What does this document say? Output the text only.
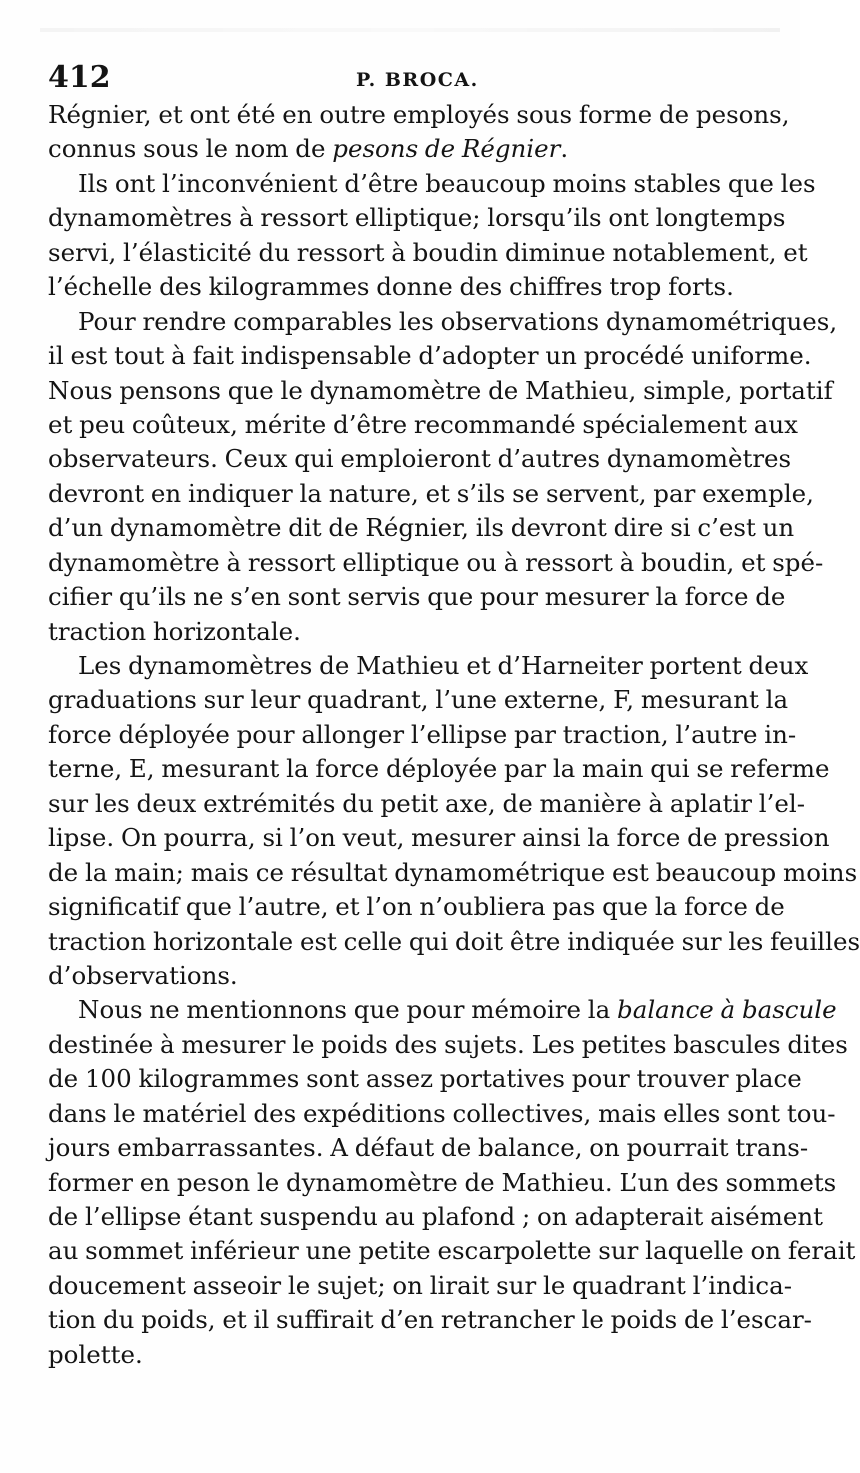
412	P. BROCA.
Régnier, et ont été en outre employés sous forme de pesons,
connus sous le nom de pesons de Régnier.
Ils ont l’inconvénient d’être beaucoup moins stables que les
dynamomètres à ressort elliptique; lorsqu’ils ont longtemps
servi, l’élasticité du ressort à boudin diminue notablement, et
l’échelle des kilogrammes donne des chiffres trop forts.
Pour rendre comparables les observations dynamométriques,
il est tout à fait indispensable d’adopter un procédé uniforme.
Nous pensons que le dynamomètre de Mathieu, simple, portatif
et peu coûteux, mérite d’être recommandé spécialement aux
observateurs. Ceux qui emploieront d’autres dynamomètres
devront en indiquer la nature, et s’ils se servent, par exemple,
d’un dynamomètre dit de Régnier, ils devront dire si c’est un
dynamomètre à ressort elliptique ou à ressort à boudin, et spé-
cifier qu’ils ne s’en sont servis que pour mesurer la force de
traction horizontale.
Les dynamomètres de Mathieu et d’Harneiter portent deux
graduations sur leur quadrant, l’une externe, F, mesurant la
force déployée pour allonger l’ellipse par traction, l’autre in-
terne, E, mesurant la force déployée par la main qui se referme
sur les deux extrémités du petit axe, de manière à aplatir l’el-
lipse. On pourra, si l’on veut, mesurer ainsi la force de pression
de la main; mais ce résultat dynamométrique est beaucoup moins
significatif que l’autre, et l’on n’oubliera pas que la force de
traction horizontale est celle qui doit être indiquée sur les feuilles
d’observations.
Nous ne mentionnons que pour mémoire la balance à bascule
destinée à mesurer le poids des sujets. Les petites bascules dites
de 100 kilogrammes sont assez portatives pour trouver place
dans le matériel des expéditions collectives, mais elles sont tou-
jours embarrassantes. A défaut de balance, on pourrait trans-
former en peson le dynamomètre de Mathieu. L’un des sommets
de l’ellipse étant suspendu au plafond ; on adapterait aisément
au sommet inférieur une petite escarpolette sur laquelle on ferait
doucement asseoir le sujet; on lirait sur le quadrant l’indica-
tion du poids, et il suffirait d’en retrancher le poids de l’escar-
polette.
